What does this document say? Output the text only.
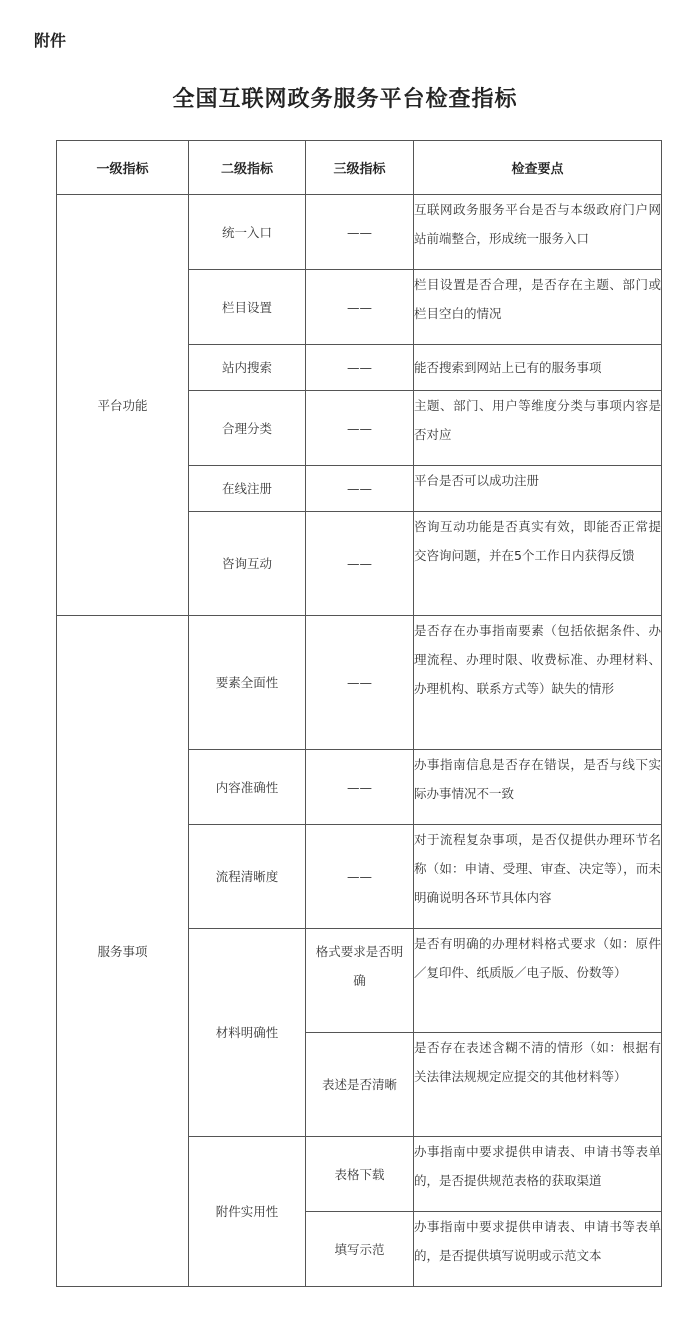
附件
全国互联网政务服务平台检查指标
一级指标	二级指标	三级指标	检查要点
平台功能	统一入口	——	互联网政务服务平台是否与本级政府门户网站前端整合，形成统一服务入口
	栏目设置	——	栏目设置是否合理，是否存在主题、部门或栏目空白的情况
	站内搜索	——	能否搜索到网站上已有的服务事项
	合理分类	——	主题、部门、用户等维度分类与事项内容是否对应
	在线注册	——	平台是否可以成功注册
	咨询互动	——	咨询互动功能是否真实有效，即能否正常提交咨询问题，并在5个工作日内获得反馈
服务事项	要素全面性	——	是否存在办事指南要素（包括依据条件、办理流程、办理时限、收费标准、办理材料、办理机构、联系方式等）缺失的情形
	内容准确性	——	办事指南信息是否存在错误，是否与线下实际办事情况不一致
	流程清晰度	——	对于流程复杂事项，是否仅提供办理环节名称（如：申请、受理、审查、决定等），而未明确说明各环节具体内容
	材料明确性	格式要求是否明确	是否有明确的办理材料格式要求（如：原件／复印件、纸质版／电子版、份数等）
		表述是否清晰	是否存在表述含糊不清的情形（如：根据有关法律法规规定应提交的其他材料等）
	附件实用性	表格下载	办事指南中要求提供申请表、申请书等表单的，是否提供规范表格的获取渠道
		填写示范	办事指南中要求提供申请表、申请书等表单的，是否提供填写说明或示范文本
